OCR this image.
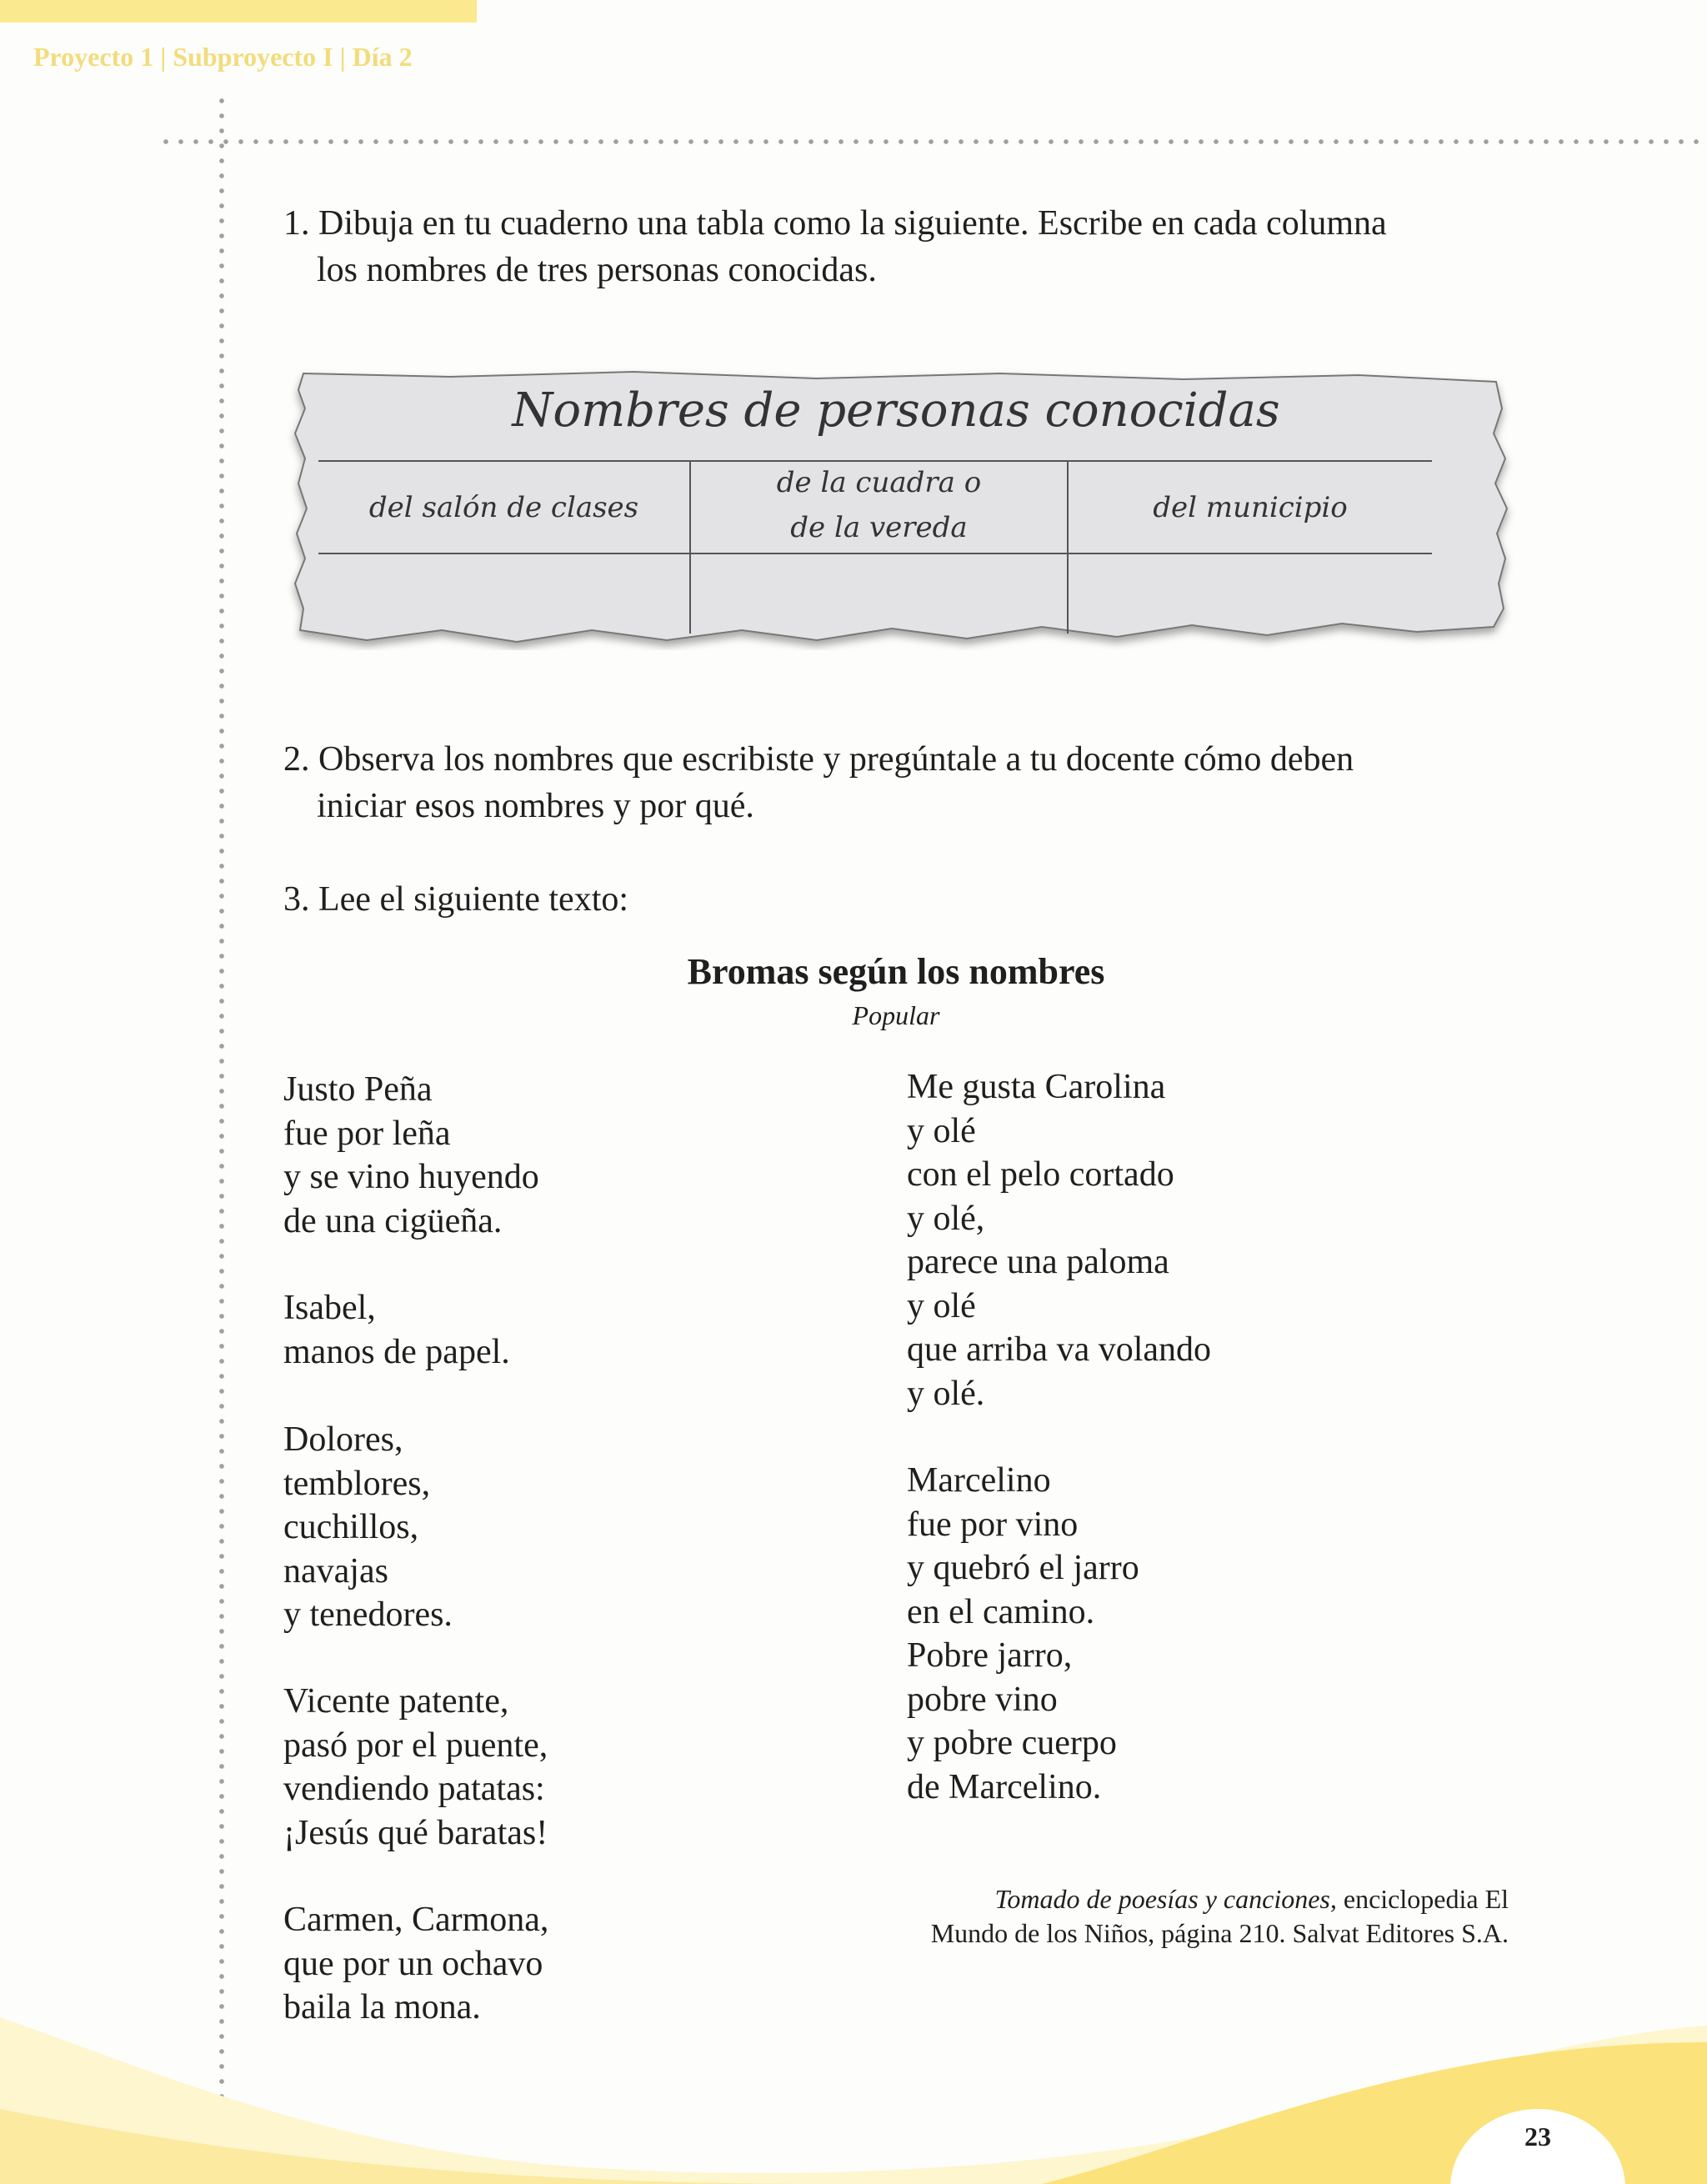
Proyecto 1 | Subproyecto I | Día 2
1. Dibuja en tu cuaderno una tabla como la siguiente. Escribe en cada columna
los nombres de tres personas conocidas.
Nombres de personas conocidas
del salón de clases
de la cuadra o
de la vereda
del municipio
2. Observa los nombres que escribiste y pregúntale a tu docente cómo deben
iniciar esos nombres y por qué.
3. Lee el siguiente texto:
Bromas según los nombres
Popular
Justo Peña
fue por leña
y se vino huyendo
de una cigüeña.
Isabel,
manos de papel.
Dolores,
temblores,
cuchillos,
navajas
y tenedores.
Vicente patente,
pasó por el puente,
vendiendo patatas:
¡Jesús qué baratas!
Carmen, Carmona,
que por un ochavo
baila la mona.
Me gusta Carolina
y olé
con el pelo cortado
y olé,
parece una paloma
y olé
que arriba va volando
y olé.
Marcelino
fue por vino
y quebró el jarro
en el camino.
Pobre jarro,
pobre vino
y pobre cuerpo
de Marcelino.
Tomado de poesías y canciones, enciclopedia El
Mundo de los Niños, página 210. Salvat Editores S.A.
23
